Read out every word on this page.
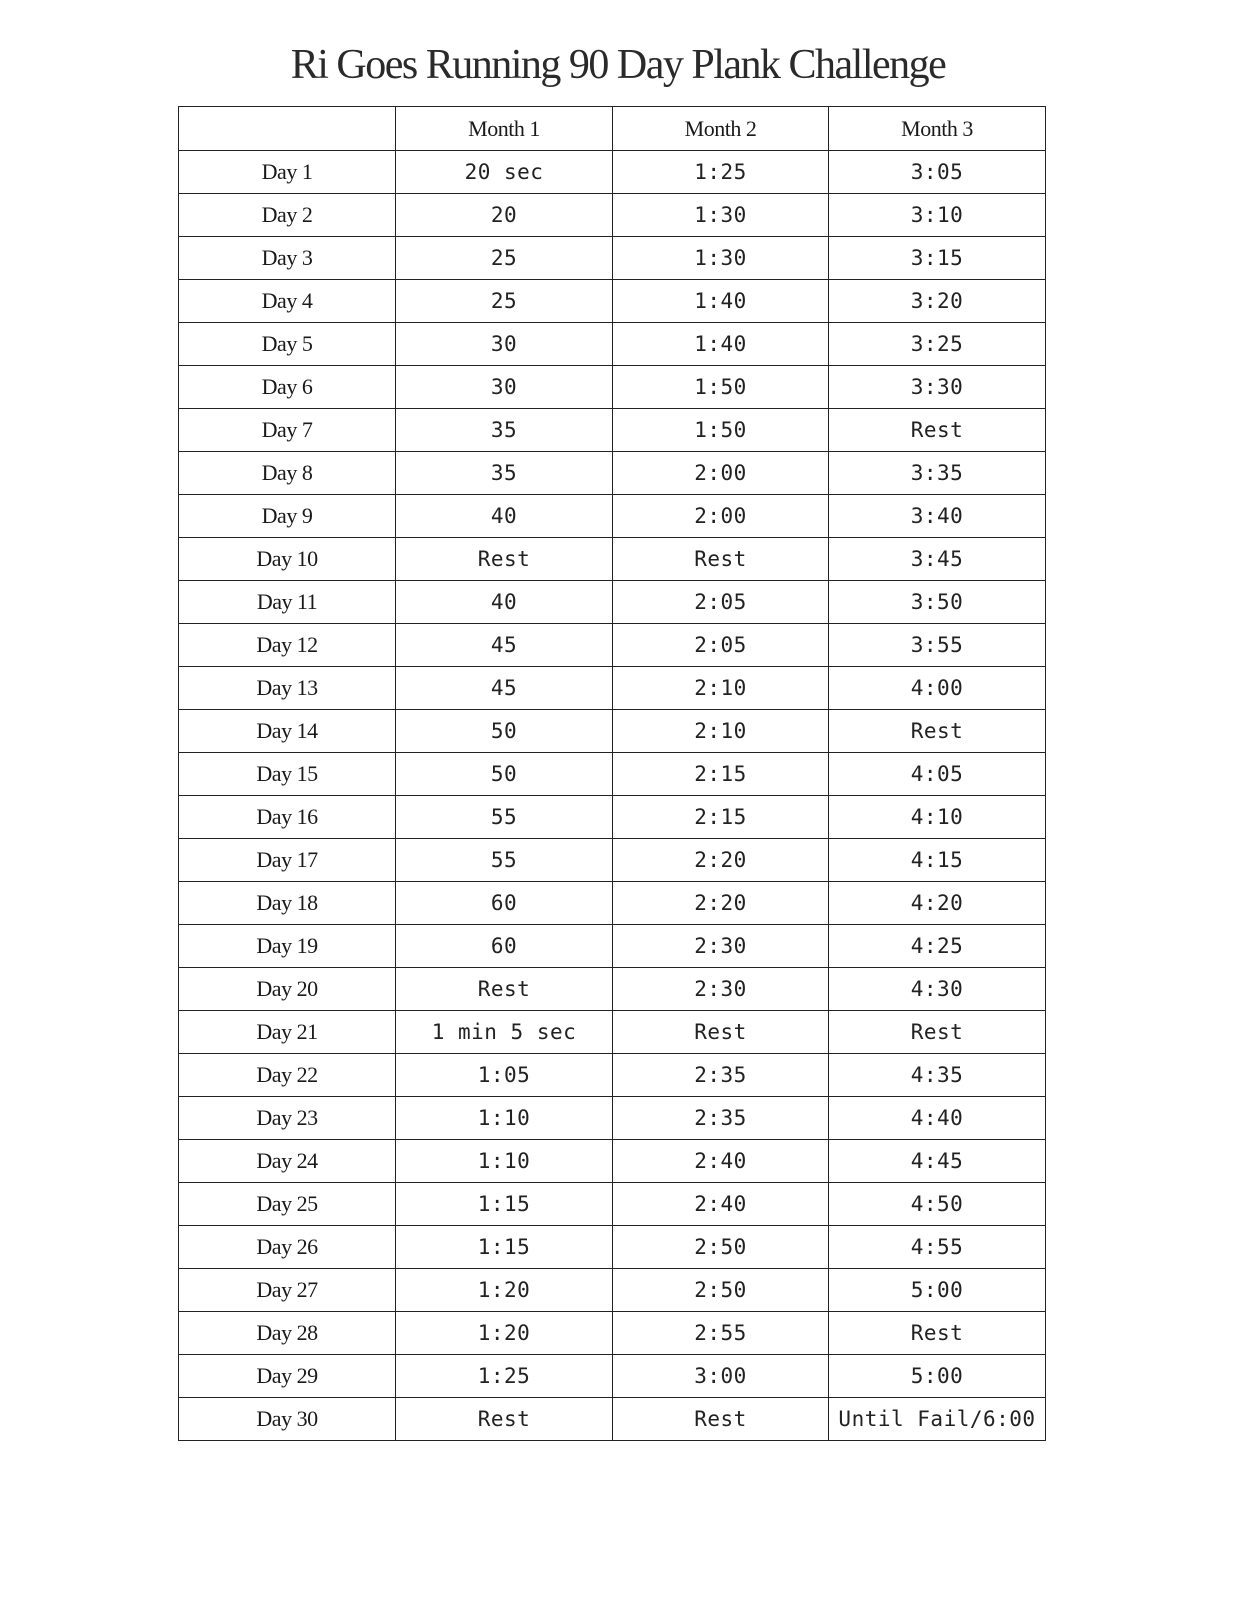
Ri Goes Running 90 Day Plank Challenge
	Month 1	Month 2	Month 3
Day 1	20 sec	1:25	3:05
Day 2	20	1:30	3:10
Day 3	25	1:30	3:15
Day 4	25	1:40	3:20
Day 5	30	1:40	3:25
Day 6	30	1:50	3:30
Day 7	35	1:50	Rest
Day 8	35	2:00	3:35
Day 9	40	2:00	3:40
Day 10	Rest	Rest	3:45
Day 11	40	2:05	3:50
Day 12	45	2:05	3:55
Day 13	45	2:10	4:00
Day 14	50	2:10	Rest
Day 15	50	2:15	4:05
Day 16	55	2:15	4:10
Day 17	55	2:20	4:15
Day 18	60	2:20	4:20
Day 19	60	2:30	4:25
Day 20	Rest	2:30	4:30
Day 21	1 min 5 sec	Rest	Rest
Day 22	1:05	2:35	4:35
Day 23	1:10	2:35	4:40
Day 24	1:10	2:40	4:45
Day 25	1:15	2:40	4:50
Day 26	1:15	2:50	4:55
Day 27	1:20	2:50	5:00
Day 28	1:20	2:55	Rest
Day 29	1:25	3:00	5:00
Day 30	Rest	Rest	Until Fail/6:00
